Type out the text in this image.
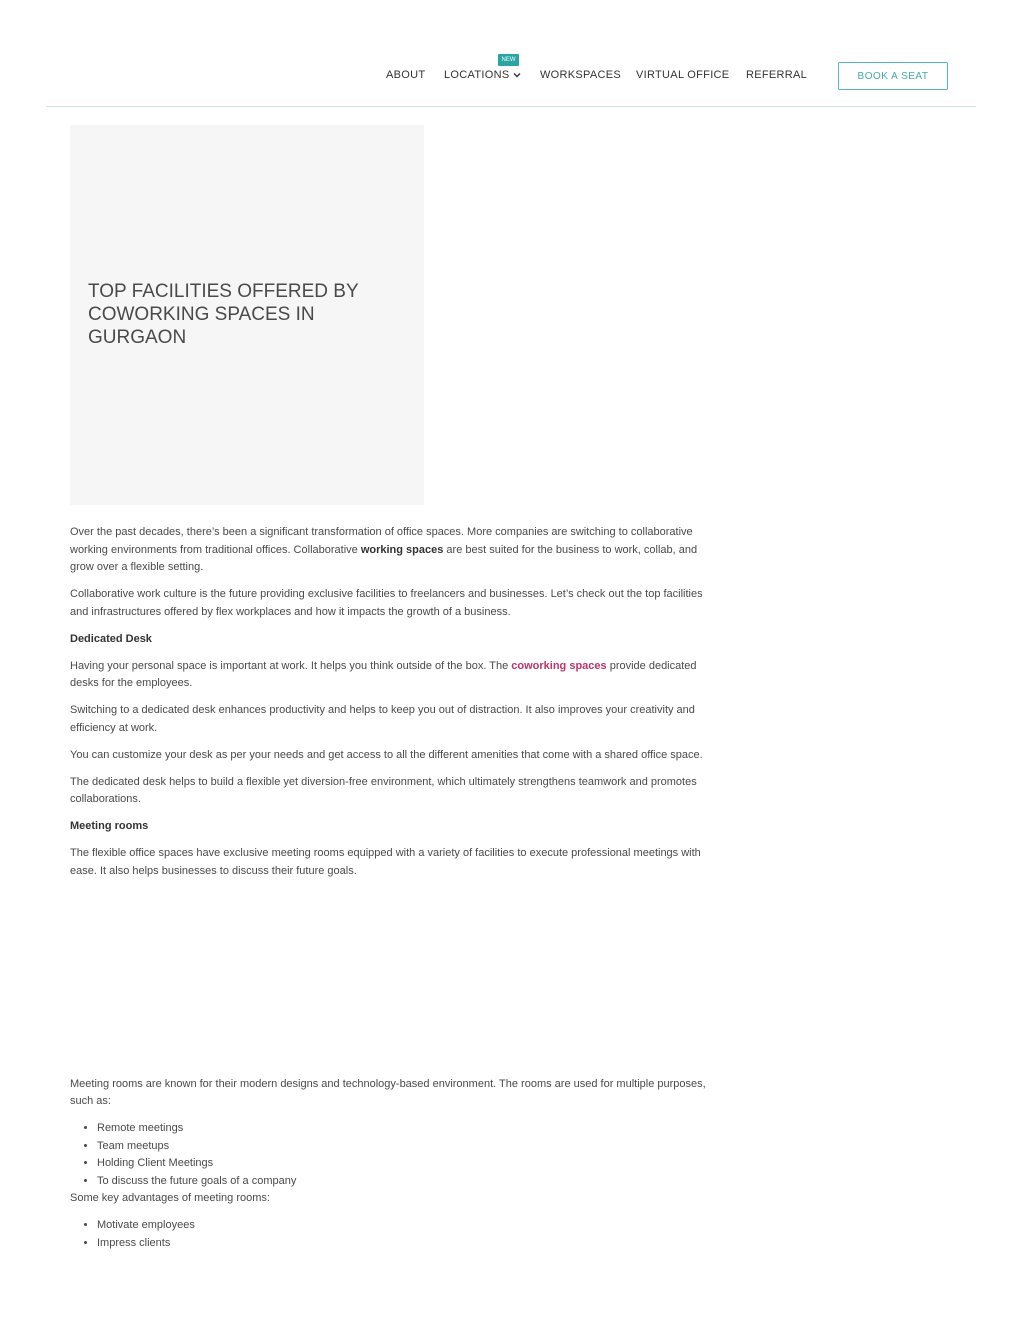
ABOUT
NEW
LOCATIONS	WORKSPACES VIRTUAL OFFICE REFERRAL	BOOK A SEAT
TOP FACILITIES OFFERED BY COWORKING SPACES IN GURGAON

Over the past decades, there’s been a significant transformation of office spaces. More companies are switching to collaborative working environments from traditional offices. Collaborative working spaces are best suited for the business to work, collab, and grow over a flexible setting.

Collaborative work culture is the future providing exclusive facilities to freelancers and businesses. Let’s check out the top facilities and infrastructures offered by flex workplaces and how it impacts the growth of a business.

Dedicated Desk

Having your personal space is important at work. It helps you think outside of the box. The coworking spaces provide dedicated desks for the employees.

Switching to a dedicated desk enhances productivity and helps to keep you out of distraction. It also improves your creativity and efficiency at work.

You can customize your desk as per your needs and get access to all the different amenities that come with a shared office space.

The dedicated desk helps to build a flexible yet diversion-free environment, which ultimately strengthens teamwork and promotes collaborations.

Meeting rooms

The flexible office spaces have exclusive meeting rooms equipped with a variety of facilities to execute professional meetings with ease. It also helps businesses to discuss their future goals.

Meeting rooms are known for their modern designs and technology-based environment. The rooms are used for multiple purposes, such as:

• Remote meetings
• Team meetups
• Holding Client Meetings
• To discuss the future goals of a company

Some key advantages of meeting rooms:

• Motivate employees
• Impress clients
